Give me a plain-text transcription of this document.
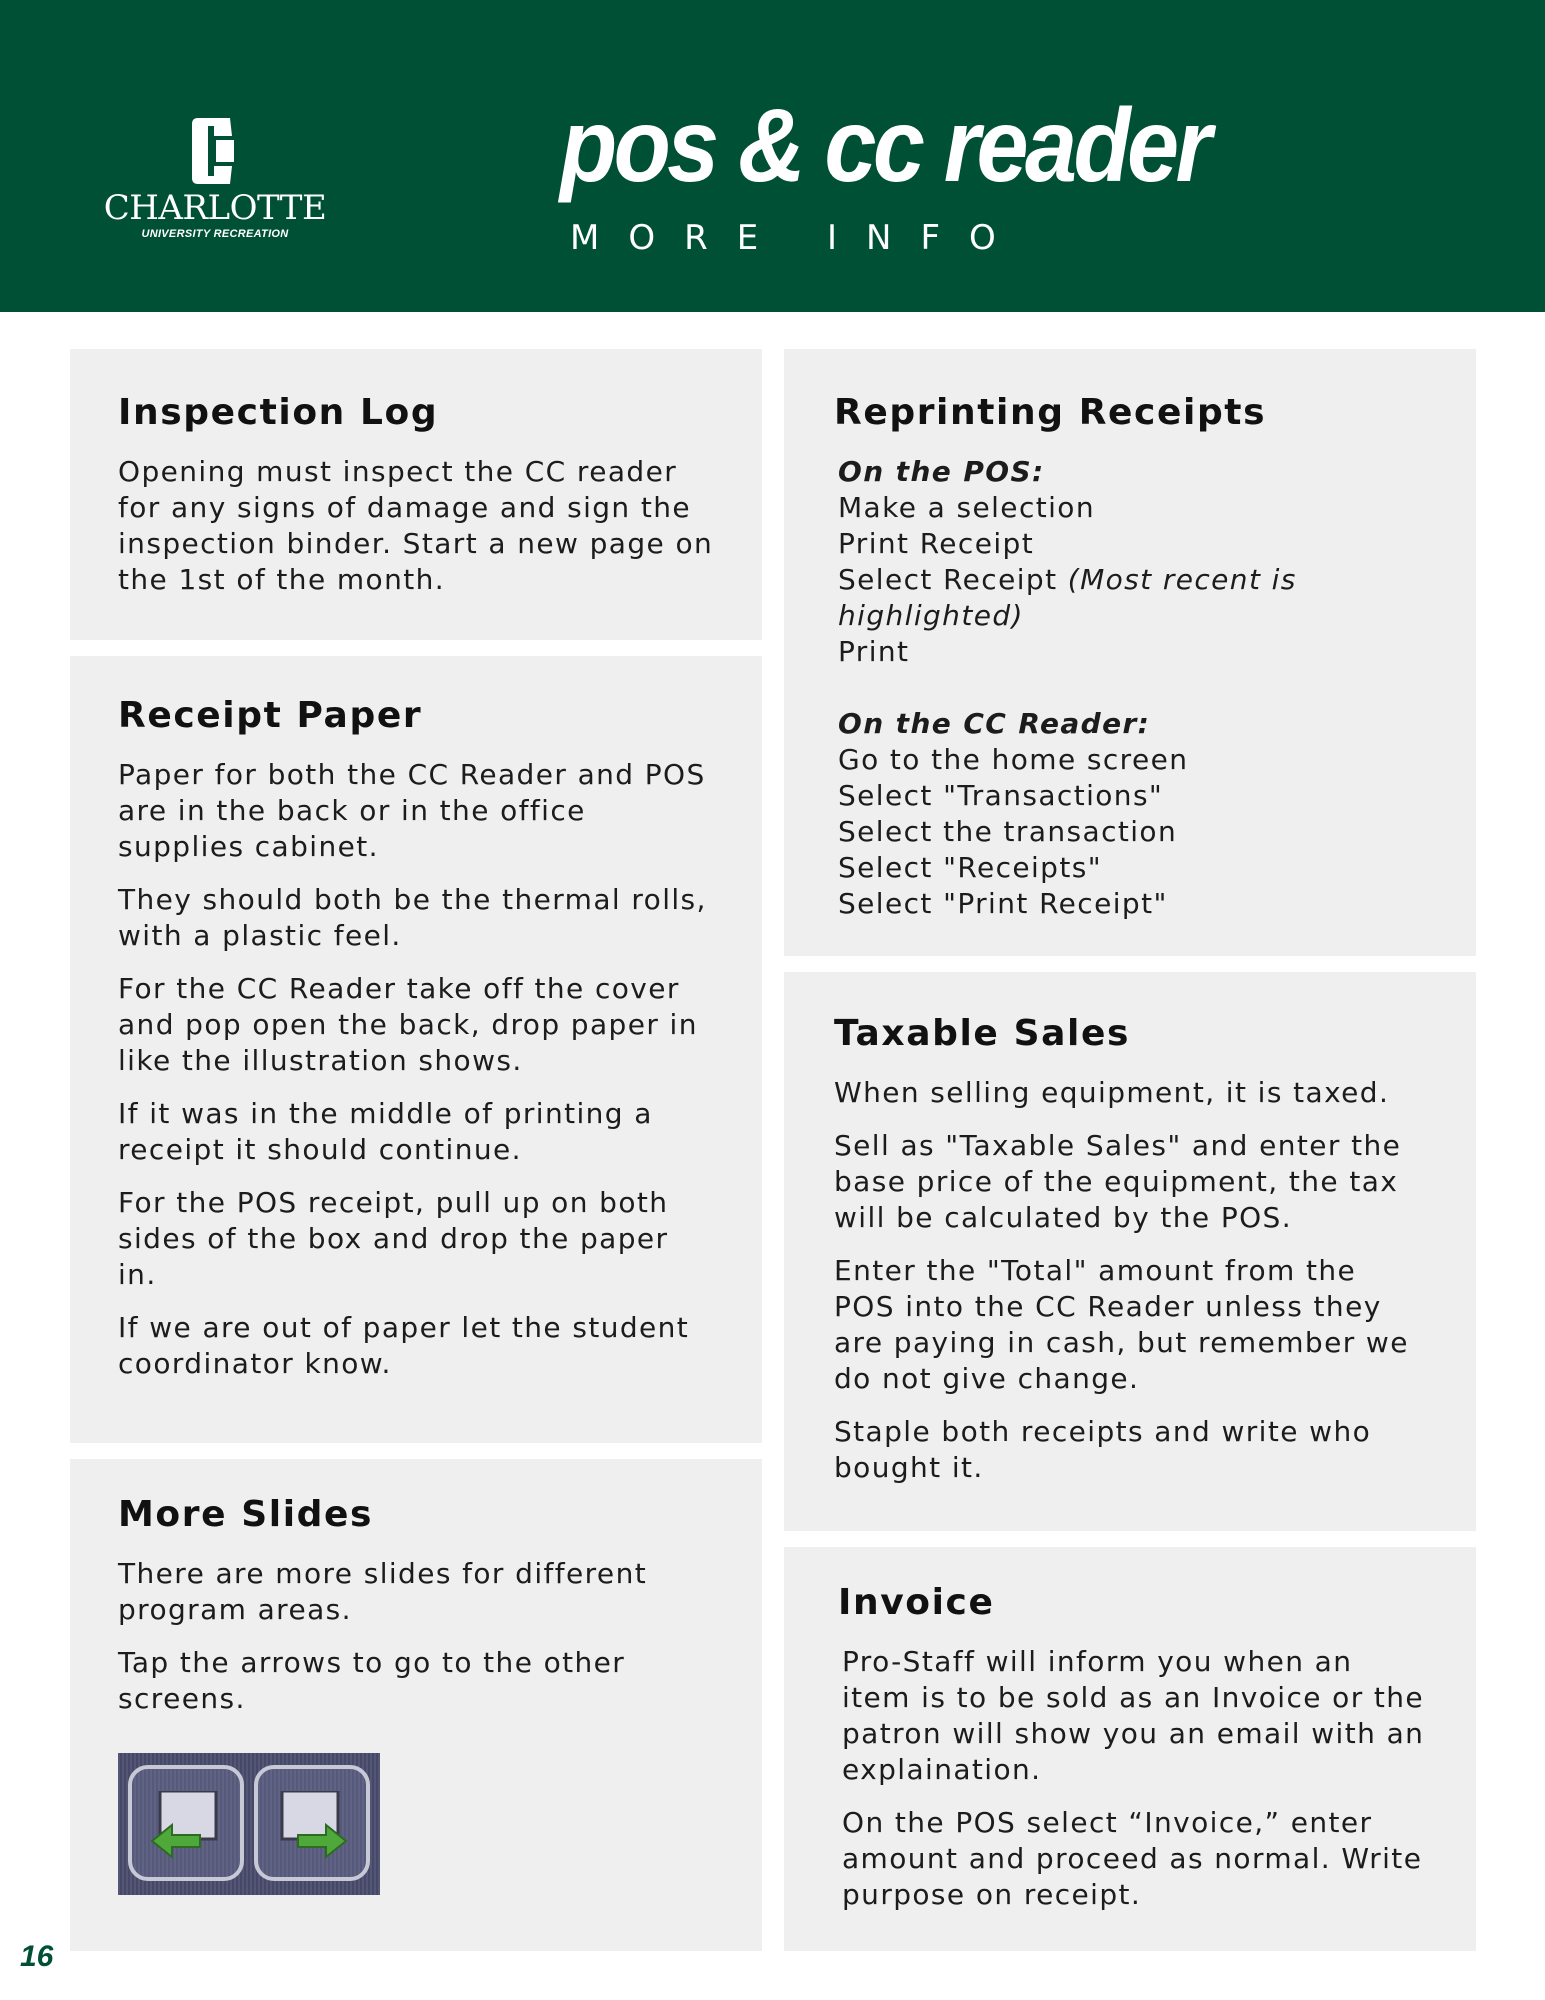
CHARLOTTE
UNIVERSITY RECREATION
pos & cc reader
MORE INFO
Inspection Log

Opening must inspect the CC reader for any signs of damage and sign the inspection binder. Start a new page on the 1st of the month.

Receipt Paper

Paper for both the CC Reader and POS are in the back or in the office supplies cabinet.

They should both be the thermal rolls, with a plastic feel.

For the CC Reader take off the cover and pop open the back, drop paper in like the illustration shows.

If it was in the middle of printing a receipt it should continue.

For the POS receipt, pull up on both sides of the box and drop the paper in.

If we are out of paper let the student coordinator know.

More Slides

There are more slides for different program areas.

Tap the arrows to go to the other screens.

Reprinting Receipts

On the POS:

Make a selection

Print Receipt

Select Receipt (Most recent is highlighted)

Print

On the CC Reader:

Go to the home screen

Select "Transactions"

Select the transaction

Select "Receipts"

Select "Print Receipt"

Taxable Sales

When selling equipment, it is taxed.

Sell as "Taxable Sales" and enter the base price of the equipment, the tax will be calculated by the POS.

Enter the "Total" amount from the POS into the CC Reader unless they are paying in cash, but remember we do not give change.

Staple both receipts and write who bought it.

Invoice

Pro-Staff will inform you when an item is to be sold as an Invoice or the patron will show you an email with an explaination.

On the POS select “Invoice,” enter amount and proceed as normal. Write purpose on receipt.

16
